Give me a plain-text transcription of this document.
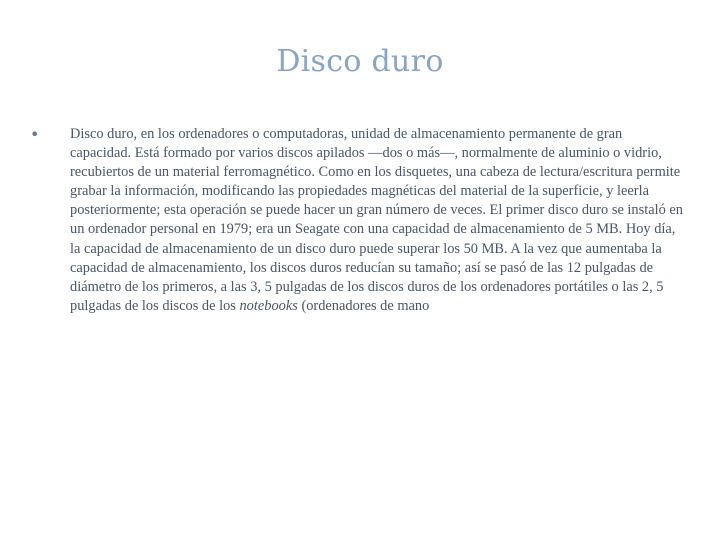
Disco duro
• Disco duro, en los ordenadores o computadoras, unidad de almacenamiento permanente de gran capacidad. Está formado por varios discos apilados —dos o más—, normalmente de aluminio o vidrio, recubiertos de un material ferromagnético. Como en los disquetes, una cabeza de lectura/escritura permite grabar la información, modificando las propiedades magnéticas del material de la superficie, y leerla posteriormente; esta operación se puede hacer un gran número de veces. El primer disco duro se instaló en un ordenador personal en 1979; era un Seagate con una capacidad de almacenamiento de 5 MB. Hoy día, la capacidad de almacenamiento de un disco duro puede superar los 50 MB. A la vez que aumentaba la capacidad de almacenamiento, los discos duros reducían su tamaño; así se pasó de las 12 pulgadas de diámetro de los primeros, a las 3, 5 pulgadas de los discos duros de los ordenadores portátiles o las 2, 5 pulgadas de los discos de los notebooks (ordenadores de mano
